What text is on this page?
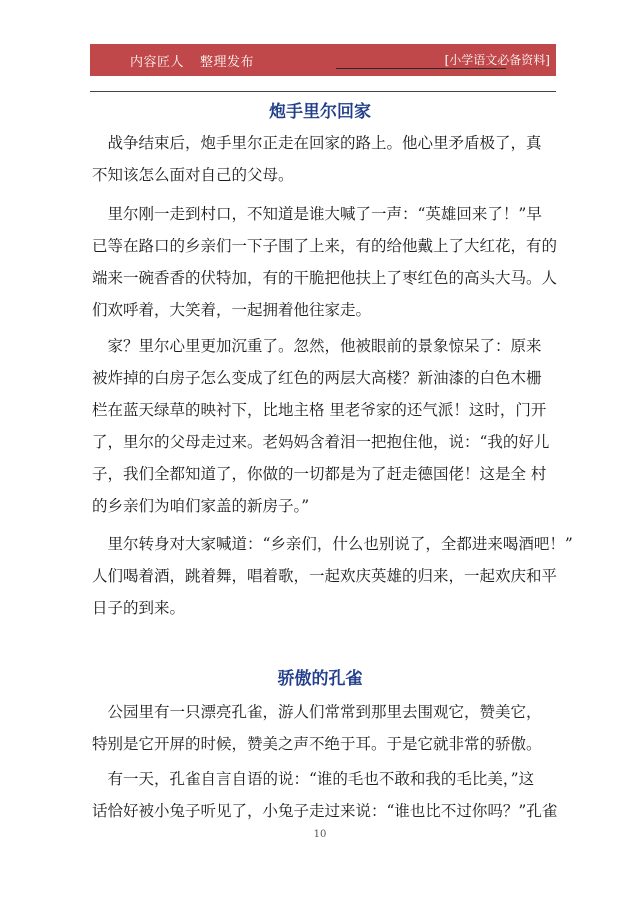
内容匠人 整理发布	[小学语文必备资料]
炮手里尔回家
　战争结束后，炮手里尔正走在回家的路上。他心里矛盾极了，真
不知该怎么面对自己的父母。
　里尔刚一走到村口，不知道是谁大喊了一声：“英雄回来了！”早
已等在路口的乡亲们一下子围了上来，有的给他戴上了大红花，有的
端来一碗香香的伏特加，有的干脆把他扶上了枣红色的高头大马。人
们欢呼着，大笑着，一起拥着他往家走。
　家？里尔心里更加沉重了。忽然，他被眼前的景象惊呆了：原来
被炸掉的白房子怎么变成了红色的两层大高楼？新油漆的白色木栅
栏在蓝天绿草的映衬下，比地主格 里老爷家的还气派！这时，门开
了，里尔的父母走过来。老妈妈含着泪一把抱住他，说：“我的好儿
子，我们全都知道了，你做的一切都是为了赶走德国佬！这是全 村
的乡亲们为咱们家盖的新房子。”
　里尔转身对大家喊道：“乡亲们，什么也别说了，全都进来喝酒吧！”
人们喝着酒，跳着舞，唱着歌，一起欢庆英雄的归来，一起欢庆和平
日子的到来。
骄傲的孔雀
　公园里有一只漂亮孔雀，游人们常常到那里去围观它，赞美它，
特别是它开屏的时候，赞美之声不绝于耳。于是它就非常的骄傲。
　有一天，孔雀自言自语的说：“谁的毛也不敢和我的毛比美，”这
话恰好被小兔子听见了，小兔子走过来说：“谁也比不过你吗？”孔雀
10
